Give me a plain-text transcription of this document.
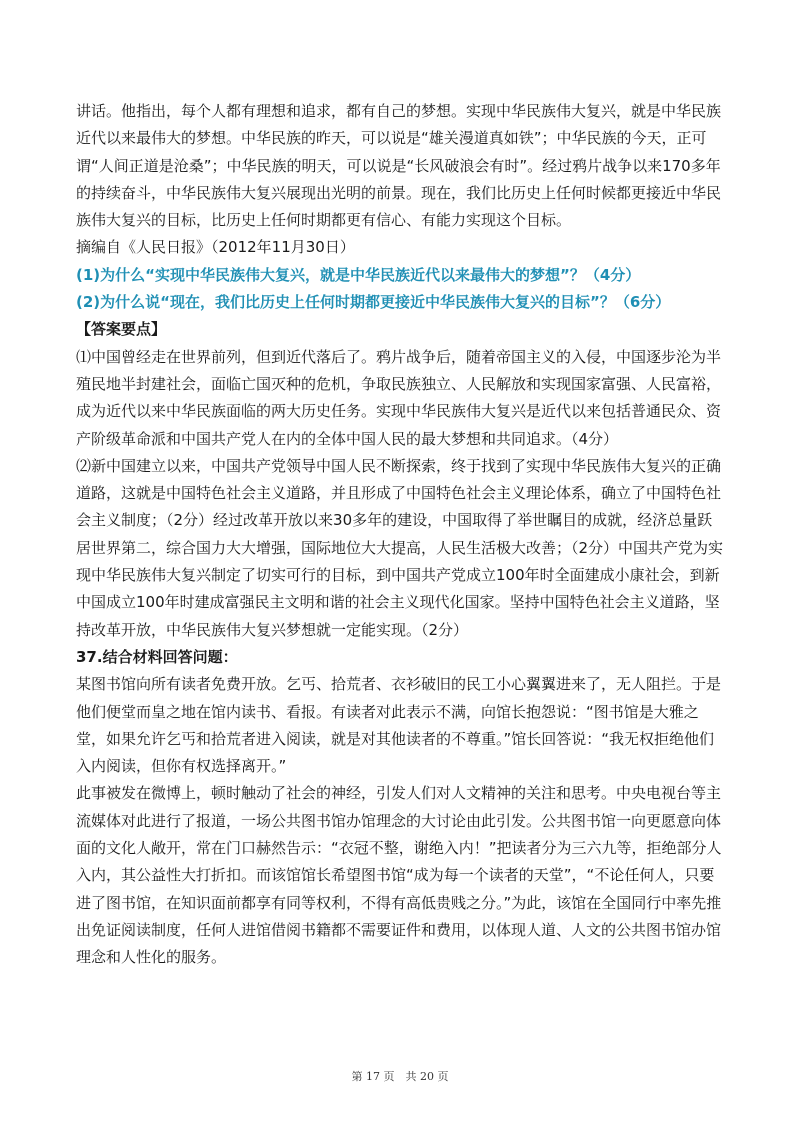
讲话。他指出，每个人都有理想和追求，都有自己的梦想。实现中华民族伟大复兴，就是中华民族近代以来最伟大的梦想。中华民族的昨天，可以说是“雄关漫道真如铁”；中华民族的今天，正可谓“人间正道是沧桑”；中华民族的明天，可以说是“长风破浪会有时”。经过鸦片战争以来170多年的持续奋斗，中华民族伟大复兴展现出光明的前景。现在，我们比历史上任何时候都更接近中华民族伟大复兴的目标，比历史上任何时期都更有信心、有能力实现这个目标。

摘编自《人民日报》（2012年11月30日）

(1)为什么“实现中华民族伟大复兴，就是中华民族近代以来最伟大的梦想”？（4分）

(2)为什么说“现在，我们比历史上任何时期都更接近中华民族伟大复兴的目标”？（6分）

【答案要点】

⑴中国曾经走在世界前列，但到近代落后了。鸦片战争后，随着帝国主义的入侵，中国逐步沦为半殖民地半封建社会，面临亡国灭种的危机，争取民族独立、人民解放和实现国家富强、人民富裕，成为近代以来中华民族面临的两大历史任务。实现中华民族伟大复兴是近代以来包括普通民众、资产阶级革命派和中国共产党人在内的全体中国人民的最大梦想和共同追求。（4分）

⑵新中国建立以来，中国共产党领导中国人民不断探索，终于找到了实现中华民族伟大复兴的正确道路，这就是中国特色社会主义道路，并且形成了中国特色社会主义理论体系，确立了中国特色社会主义制度；（2分）经过改革开放以来30多年的建设，中国取得了举世瞩目的成就，经济总量跃居世界第二，综合国力大大增强，国际地位大大提高，人民生活极大改善；（2分）中国共产党为实现中华民族伟大复兴制定了切实可行的目标，到中国共产党成立100年时全面建成小康社会，到新中国成立100年时建成富强民主文明和谐的社会主义现代化国家。坚持中国特色社会主义道路，坚持改革开放，中华民族伟大复兴梦想就一定能实现。（2分）

37.结合材料回答问题：

某图书馆向所有读者免费开放。乞丐、拾荒者、衣衫破旧的民工小心翼翼进来了，无人阻拦。于是他们便堂而皇之地在馆内读书、看报。有读者对此表示不满，向馆长抱怨说：“图书馆是大雅之堂，如果允许乞丐和拾荒者进入阅读，就是对其他读者的不尊重。”馆长回答说：“我无权拒绝他们入内阅读，但你有权选择离开。”

此事被发在微博上，顿时触动了社会的神经，引发人们对人文精神的关注和思考。中央电视台等主流媒体对此进行了报道，一场公共图书馆办馆理念的大讨论由此引发。公共图书馆一向更愿意向体面的文化人敞开，常在门口赫然告示：“衣冠不整，谢绝入内！”把读者分为三六九等，拒绝部分人入内，其公益性大打折扣。而该馆馆长希望图书馆“成为每一个读者的天堂”，“不论任何人，只要进了图书馆，在知识面前都享有同等权利，不得有高低贵贱之分。”为此，该馆在全国同行中率先推出免证阅读制度，任何人进馆借阅书籍都不需要证件和费用，以体现人道、人文的公共图书馆办馆理念和人性化的服务。

第 17 页　共 20 页
